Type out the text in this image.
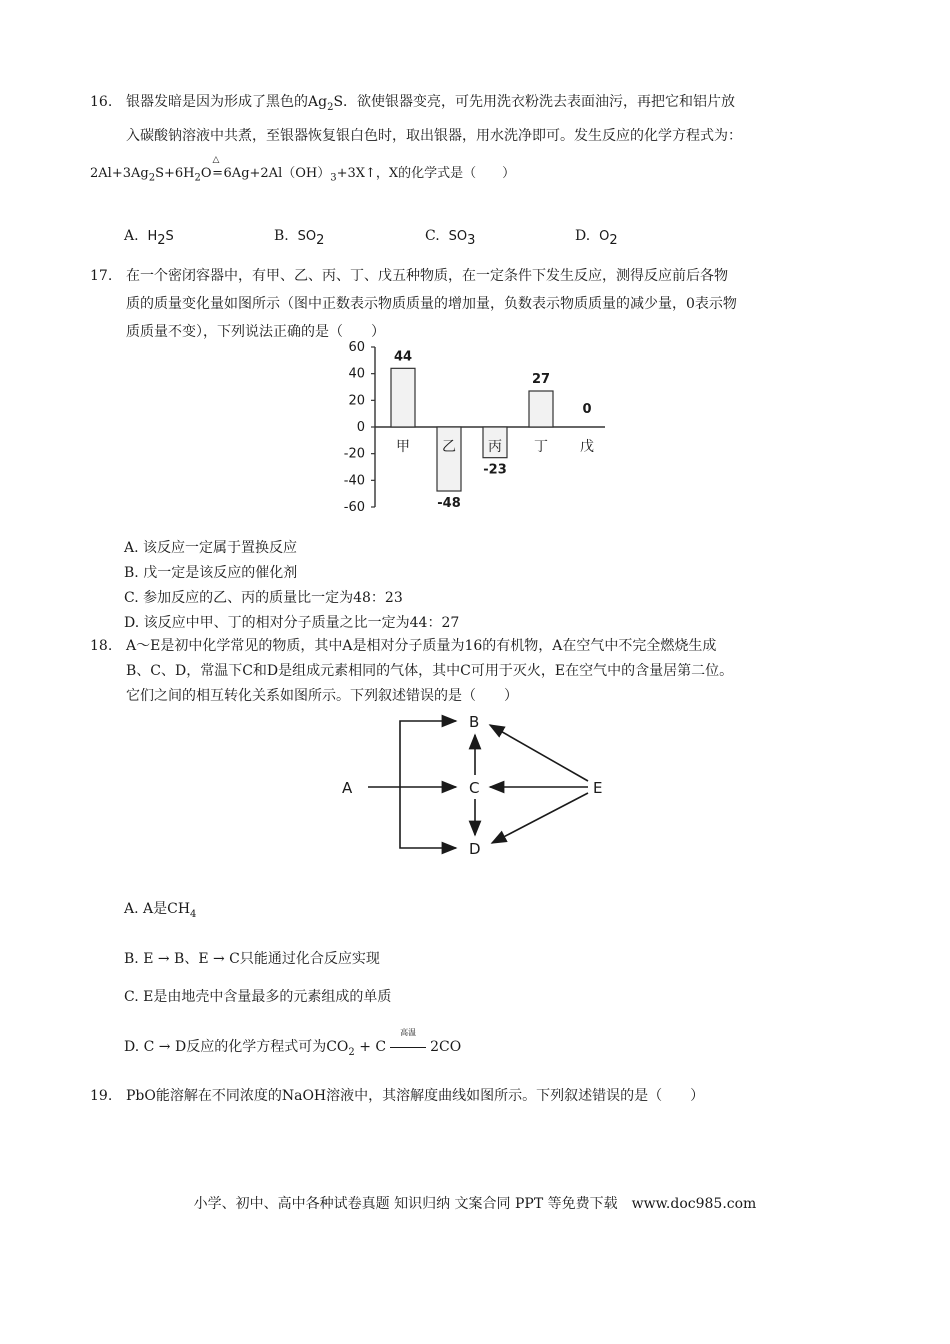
16. 银器发暗是因为形成了黑色的$Ag_2S$．欲使银器变亮，可先用洗衣粉洗去表面油污，再把它和铝片放
入碳酸钠溶液中共煮，至银器恢复银白色时，取出银器，用水洗净即可。发生反应的化学方程式为：
$2Al+3Ag_2S+6H_2O$
△
$=6Ag+2Al(OH)_3+3X↑$，X的化学式是（　　）
A. $H_2S$	B. $SO_2$	C. $SO_3$	D. $O_2$
17. 在一个密闭容器中，有甲、乙、丙、丁、戊五种物质，在一定条件下发生反应，测得反应前后各物
质的质量变化量如图所示（图中正数表示物质质量的增加量，负数表示物质质量的减少量，0表示物
质质量不变），下列说法正确的是（　　）
60
40
20
0
-20
-40
-60
甲
44
乙
-48
丙
-23
丁
27
戊
0
A. 该反应一定属于置换反应
B. 戊一定是该反应的催化剂
C. 参加反应的乙、丙的质量比一定为48：23
D. 该反应中甲、丁的相对分子质量之比一定为44：27
18. A～E是初中化学常见的物质，其中A是相对分子质量为16的有机物，A在空气中不完全燃烧生成
B、C、D，常温下C和D是组成元素相同的气体，其中C可用于灭火，E在空气中的含量居第二位。
它们之间的相互转化关系如图所示。下列叙述错误的是（　　）
A
B
C
D
E
A. A是$CH_4$
B. E → B、E → C只能通过化合反应实现
C. E是由地壳中含量最多的元素组成的单质
D. C → D反应的化学方程式可为$CO_2 + C$
高温
2CO
19. PbO能溶解在不同浓度的NaOH溶液中，其溶解度曲线如图所示。下列叙述错误的是（　　）
小学、初中、高中各种试卷真题 知识归纳 文案合同 PPT 等免费下载　www.doc985.com
